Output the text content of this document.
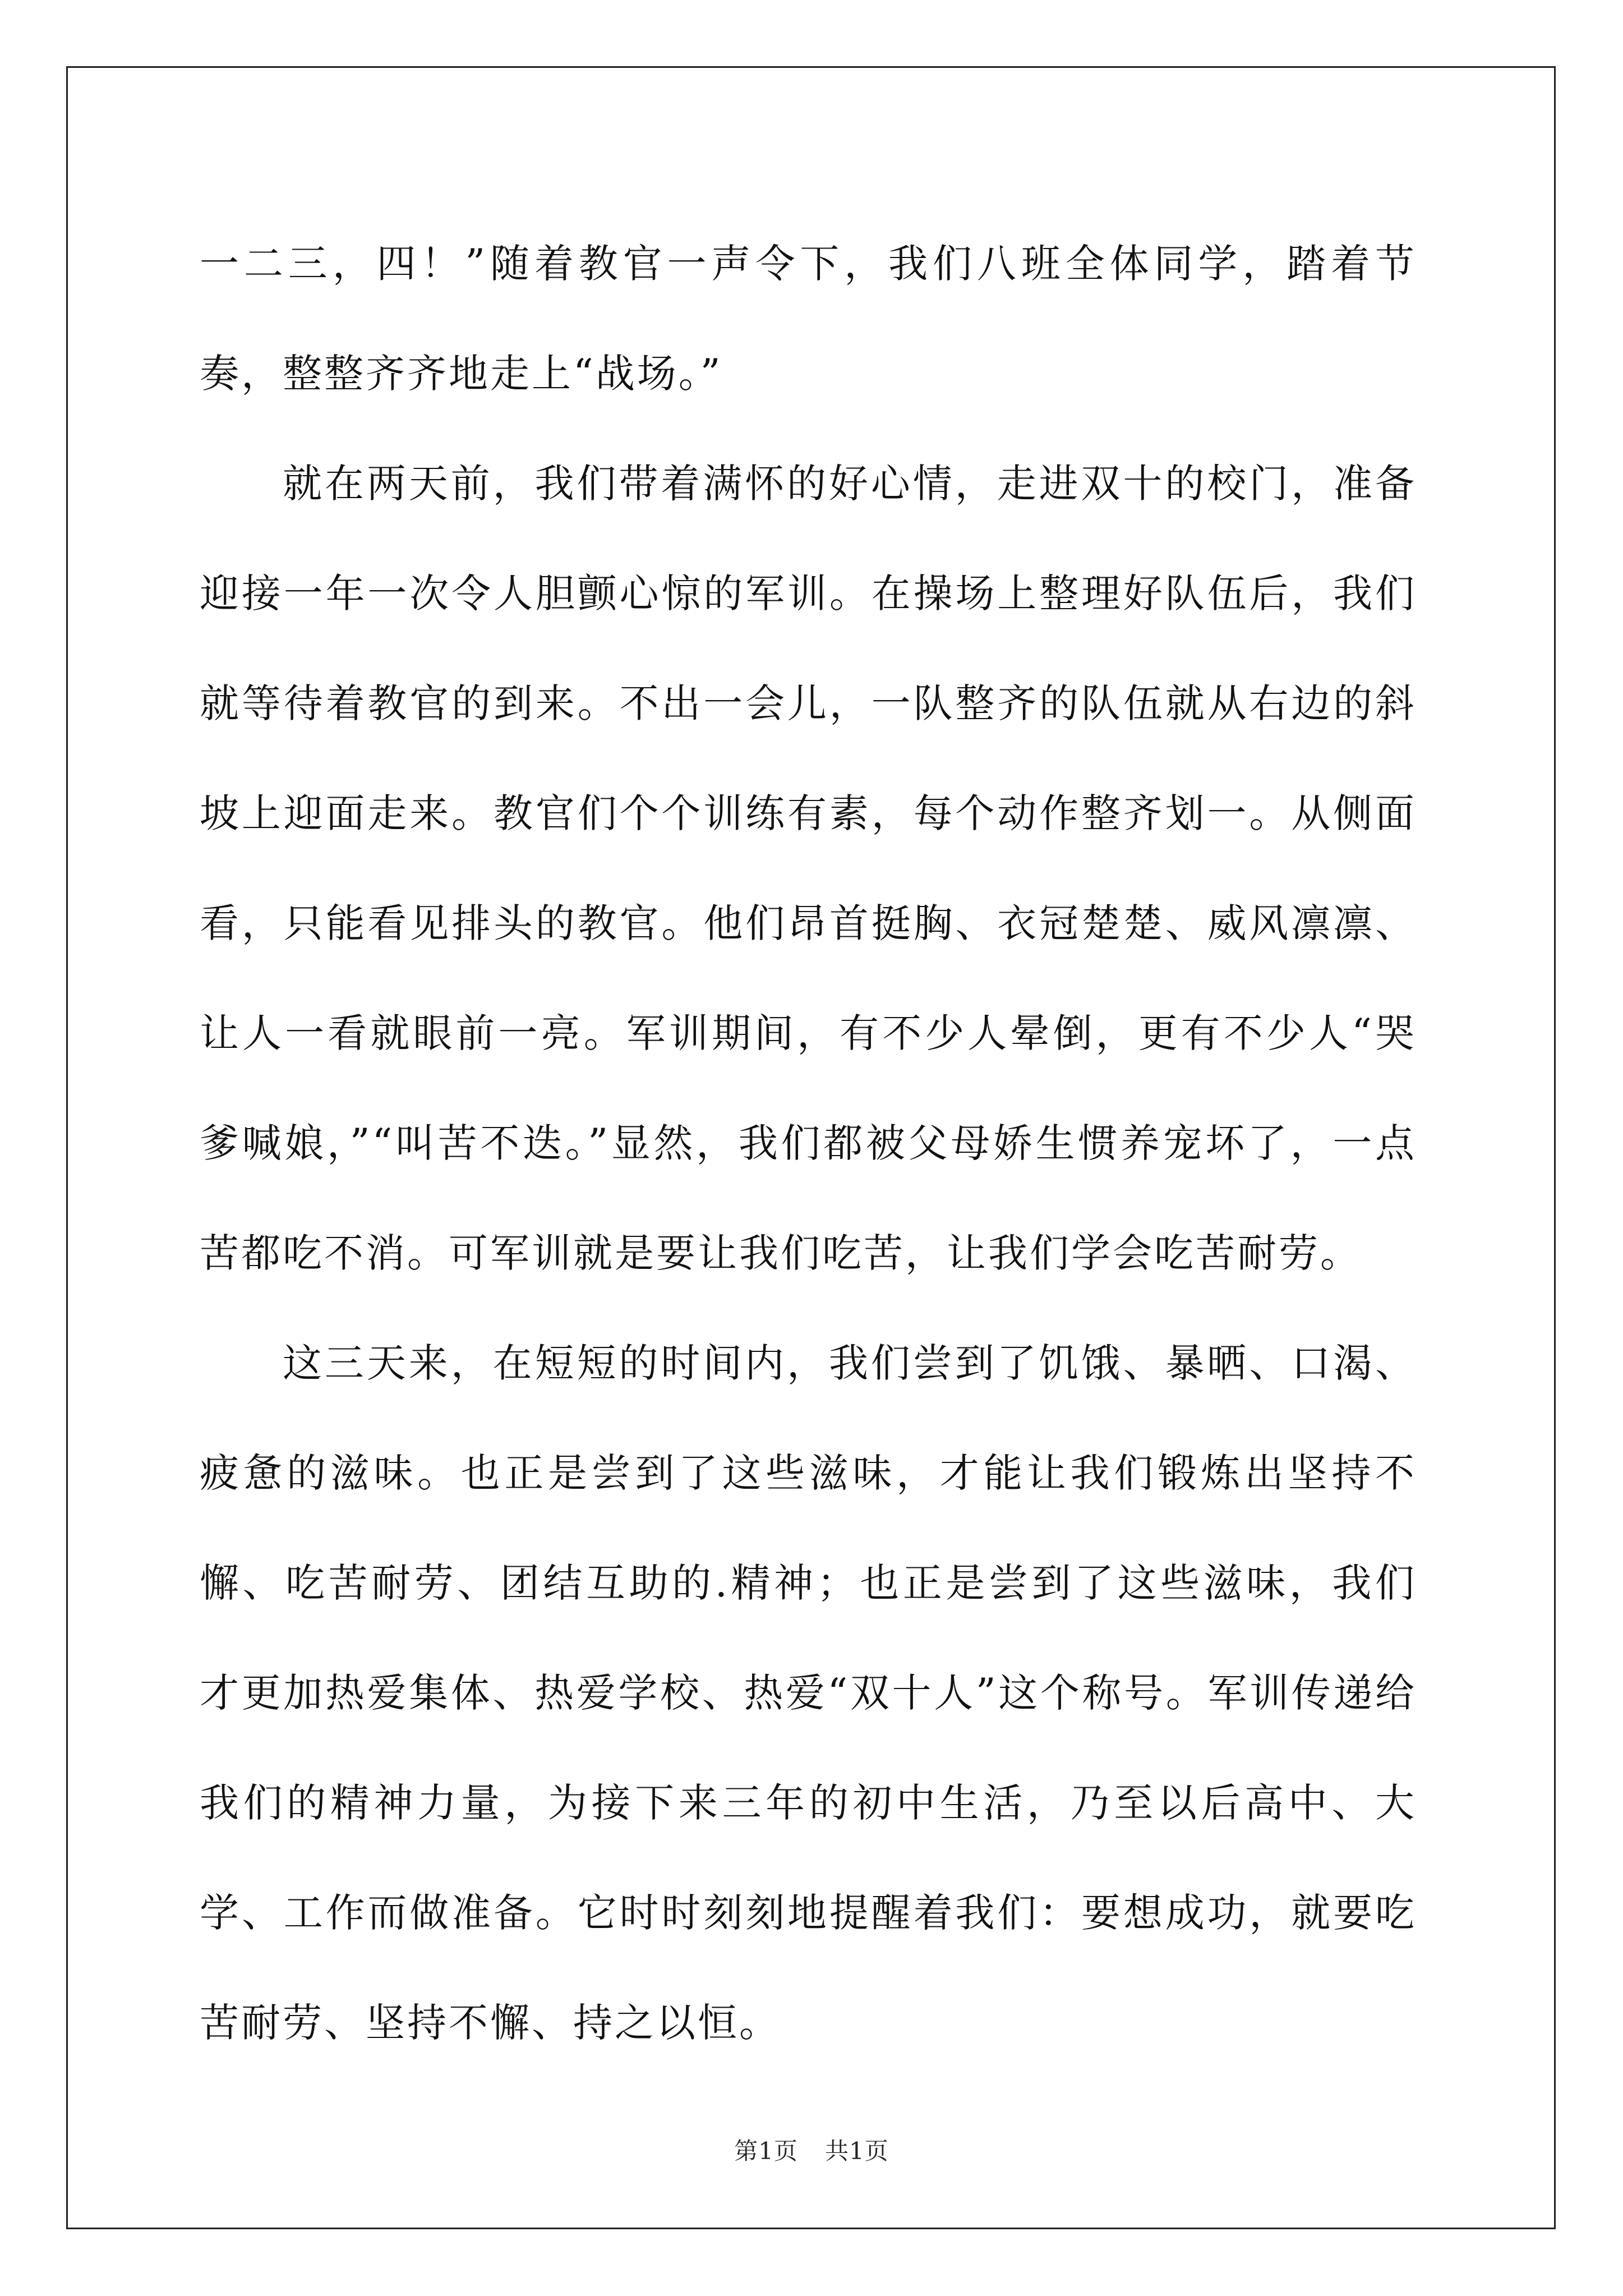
一二三，四！”随着教官一声令下，我们八班全体同学，踏着节奏，整整齐齐地走上“战场。”

就在两天前，我们带着满怀的好心情，走进双十的校门，准备迎接一年一次令人胆颤心惊的军训。在操场上整理好队伍后，我们就等待着教官的到来。不出一会儿，一队整齐的队伍就从右边的斜坡上迎面走来。教官们个个训练有素，每个动作整齐划一。从侧面看，只能看见排头的教官。他们昂首挺胸、衣冠楚楚、威风凛凛、让人一看就眼前一亮。军训期间，有不少人晕倒，更有不少人“哭爹喊娘，”“叫苦不迭。”显然，我们都被父母娇生惯养宠坏了，一点苦都吃不消。可军训就是要让我们吃苦，让我们学会吃苦耐劳。

这三天来，在短短的时间内，我们尝到了饥饿、暴晒、口渴、疲惫的滋味。也正是尝到了这些滋味，才能让我们锻炼出坚持不懈、吃苦耐劳、团结互助的.精神；也正是尝到了这些滋味，我们才更加热爱集体、热爱学校、热爱“双十人”这个称号。军训传递给我们的精神力量，为接下来三年的初中生活，乃至以后高中、大学、工作而做准备。它时时刻刻地提醒着我们：要想成功，就要吃苦耐劳、坚持不懈、持之以恒。

第1页 共1页
